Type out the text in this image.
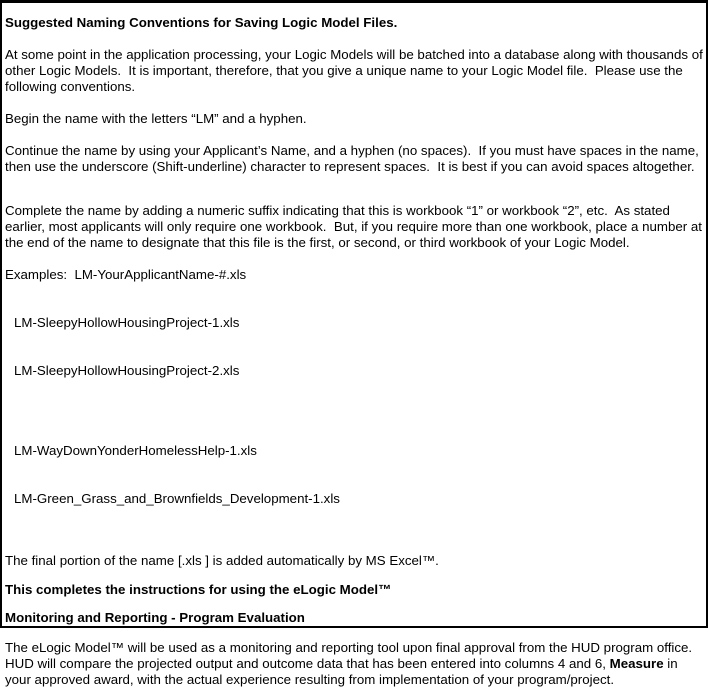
Suggested Naming Conventions for Saving Logic Model Files.

At some point in the application processing, your Logic Models will be batched into a database along with thousands of other Logic Models.  It is important, therefore, that you give a unique name to your Logic Model file.  Please use the following conventions.

Begin the name with the letters “LM” and a hyphen.

Continue the name by using your Applicant’s Name, and a hyphen (no spaces).  If you must have spaces in the name, then use the underscore (Shift-underline) character to represent spaces.  It is best if you can avoid spaces altogether.

Complete the name by adding a numeric suffix indicating that this is workbook “1” or workbook “2”, etc.  As stated earlier, most applicants will only require one workbook.  But, if you require more than one workbook, place a number at the end of the name to designate that this file is the first, or second, or third workbook of your Logic Model.

Examples:  LM-YourApplicantName-#.xls

LM-SleepyHollowHousingProject-1.xls

LM-SleepyHollowHousingProject-2.xls

LM-WayDownYonderHomelessHelp-1.xls

LM-Green_Grass_and_Brownfields_Development-1.xls

The final portion of the name [.xls ] is added automatically by MS Excel™.

This completes the instructions for using the eLogic Model™

Monitoring and Reporting - Program Evaluation

The eLogic Model™ will be used as a monitoring and reporting tool upon final approval from the HUD program office. HUD will compare the projected output and outcome data that has been entered into columns 4 and 6, Measure in your approved award, with the actual experience resulting from implementation of your program/project.
